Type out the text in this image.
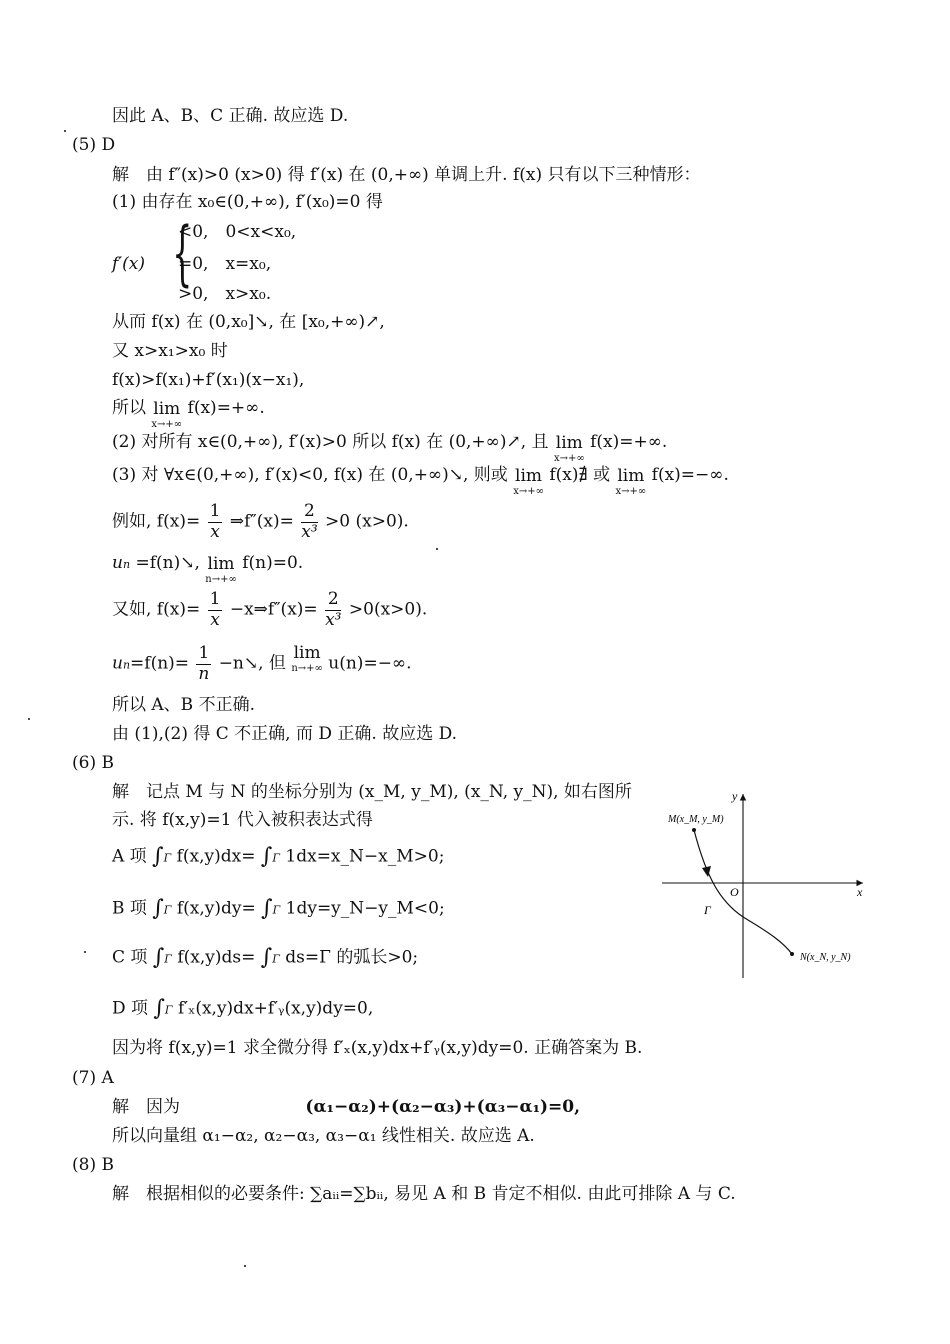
因此 A、B、C 正确. 故应选 D.
(5) D
解　由 f″(x)>0 (x>0) 得 f′(x) 在 (0,+∞) 单调上升. f(x) 只有以下三种情形：
(1) 由存在 x₀∈(0,+∞), f′(x₀)=0 得
f′(x) {
<0,　0<x<x₀,
=0,　x=x₀,
>0,　x>x₀.
从而 f(x) 在 (0,x₀]↘, 在 [x₀,+∞)↗,
又 x>x₁>x₀ 时
f(x)>f(x₁)+f′(x₁)(x−x₁),
所以 lim
x→+∞
f(x)=+∞.
(2) 对所有 x∈(0,+∞), f′(x)>0 所以 f(x) 在 (0,+∞)↗, 且 lim
x→+∞
f(x)=+∞.
(3) 对 ∀x∈(0,+∞), f′(x)<0, f(x) 在 (0,+∞)↘, 则或 lim
x→+∞
f(x)∄ 或 lim
x→+∞
f(x)=−∞.
例如, $f(x)= \frac{1}{x}$ ⇒f″(x)= $\frac{2}{\text{x³}} >0$ (x>0).
un =f(n)↘, lim
n→+∞
f(n)=0.
又如, $f(x)= \frac{1}{x}$ −x⇒f″(x)= $\frac{2}{\text{x³}} >0(x>0)$.
$un=f(n)= \frac{1}{n}$ −n↘, 但 lim
n→+∞ u(n)=−∞.
所以 A、B 不正确.
由 (1),(2) 得 C 不正确, 而 D 正确. 故应选 D.
(6) B
解　记点 M 与 N 的坐标分别为 (x_M, y_M), (x_N, y_N), 如右图所
示. 将 f(x,y)=1 代入被积表达式得
A 项 ∫Γ f(x,y)dx= ∫Γ 1dx=x_N−x_M>0;
B 项 ∫Γ f(x,y)dy= ∫Γ 1dy=y_N−y_M<0;
C 项 ∫Γ f(x,y)ds= ∫Γ ds=Γ 的弧长>0;
D 项 ∫Γ f′ₓ(x,y)dx+f′ᵧ(x,y)dy=0,
y
x
O
Γ
M(x_M, y_M)
N(x_N, y_N)
因为将 f(x,y)=1 求全微分得 f′ₓ(x,y)dx+f′ᵧ(x,y)dy=0. 正确答案为 B.
(7) A
解　因为	(α₁−α₂)+(α₂−α₃)+(α₃−α₁)=0,
所以向量组 α₁−α₂, α₂−α₃, α₃−α₁ 线性相关. 故应选 A.
(8) B
解　根据相似的必要条件: ∑aᵢᵢ=∑bᵢᵢ, 易见 A 和 B 肯定不相似. 由此可排除 A 与 C.
